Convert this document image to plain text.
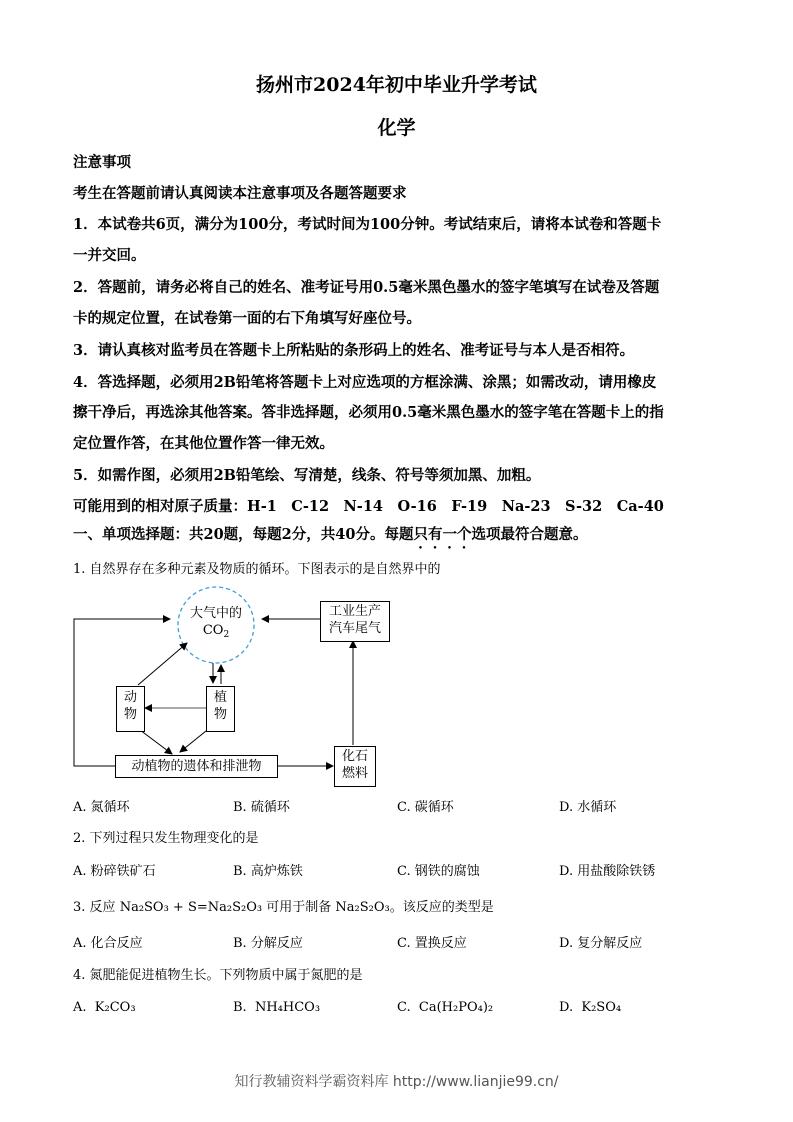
扬州市2024年初中毕业升学考试
化学
注意事项
考生在答题前请认真阅读本注意事项及各题答题要求
1．本试卷共6页，满分为100分，考试时间为100分钟。考试结束后，请将本试卷和答题卡
一并交回。
2．答题前，请务必将自己的姓名、准考证号用0.5毫米黑色墨水的签字笔填写在试卷及答题
卡的规定位置，在试卷第一面的右下角填写好座位号。
3．请认真核对监考员在答题卡上所粘贴的条形码上的姓名、准考证号与本人是否相符。
4．答选择题，必须用2B铅笔将答题卡上对应选项的方框涂满、涂黑；如需改动，请用橡皮
擦干净后，再选涂其他答案。答非选择题，必须用0.5毫米黑色墨水的签字笔在答题卡上的指
定位置作答，在其他位置作答一律无效。
5．如需作图，必须用2B铅笔绘、写清楚，线条、符号等须加黑、加粗。
可能用到的相对原子质量：H-1　C-12　N-14　O-16　F-19　Na-23　S-32　Ca-40
一、单项选择题：共20题，每题2分，共40分。每题只有一个选项最符合题意。
1. 自然界存在多种元素及物质的循环。下图表示的是自然界中的
大气中的
$CO_2$
工业生产
汽车尾气
动
物
植
物
动植物的遗体和排泄物
化石
燃料
A. 氮循环	B. 硫循环	C. 碳循环	D. 水循环
2. 下列过程只发生物理变化的是
A. 粉碎铁矿石	B. 高炉炼铁	C. 钢铁的腐蚀	D. 用盐酸除铁锈
3. 反应 Na₂SO₃ + S=Na₂S₂O₃ 可用于制备 Na₂S₂O₃。该反应的类型是
A. 化合反应	B. 分解反应	C. 置换反应	D. 复分解反应
4. 氮肥能促进植物生长。下列物质中属于氮肥的是
A. K₂CO₃	B. NH₄HCO₃	C. Ca(H₂PO₄)₂	D. K₂SO₄
知行教辅资料学霸资料库 http://www.lianjie99.cn/
